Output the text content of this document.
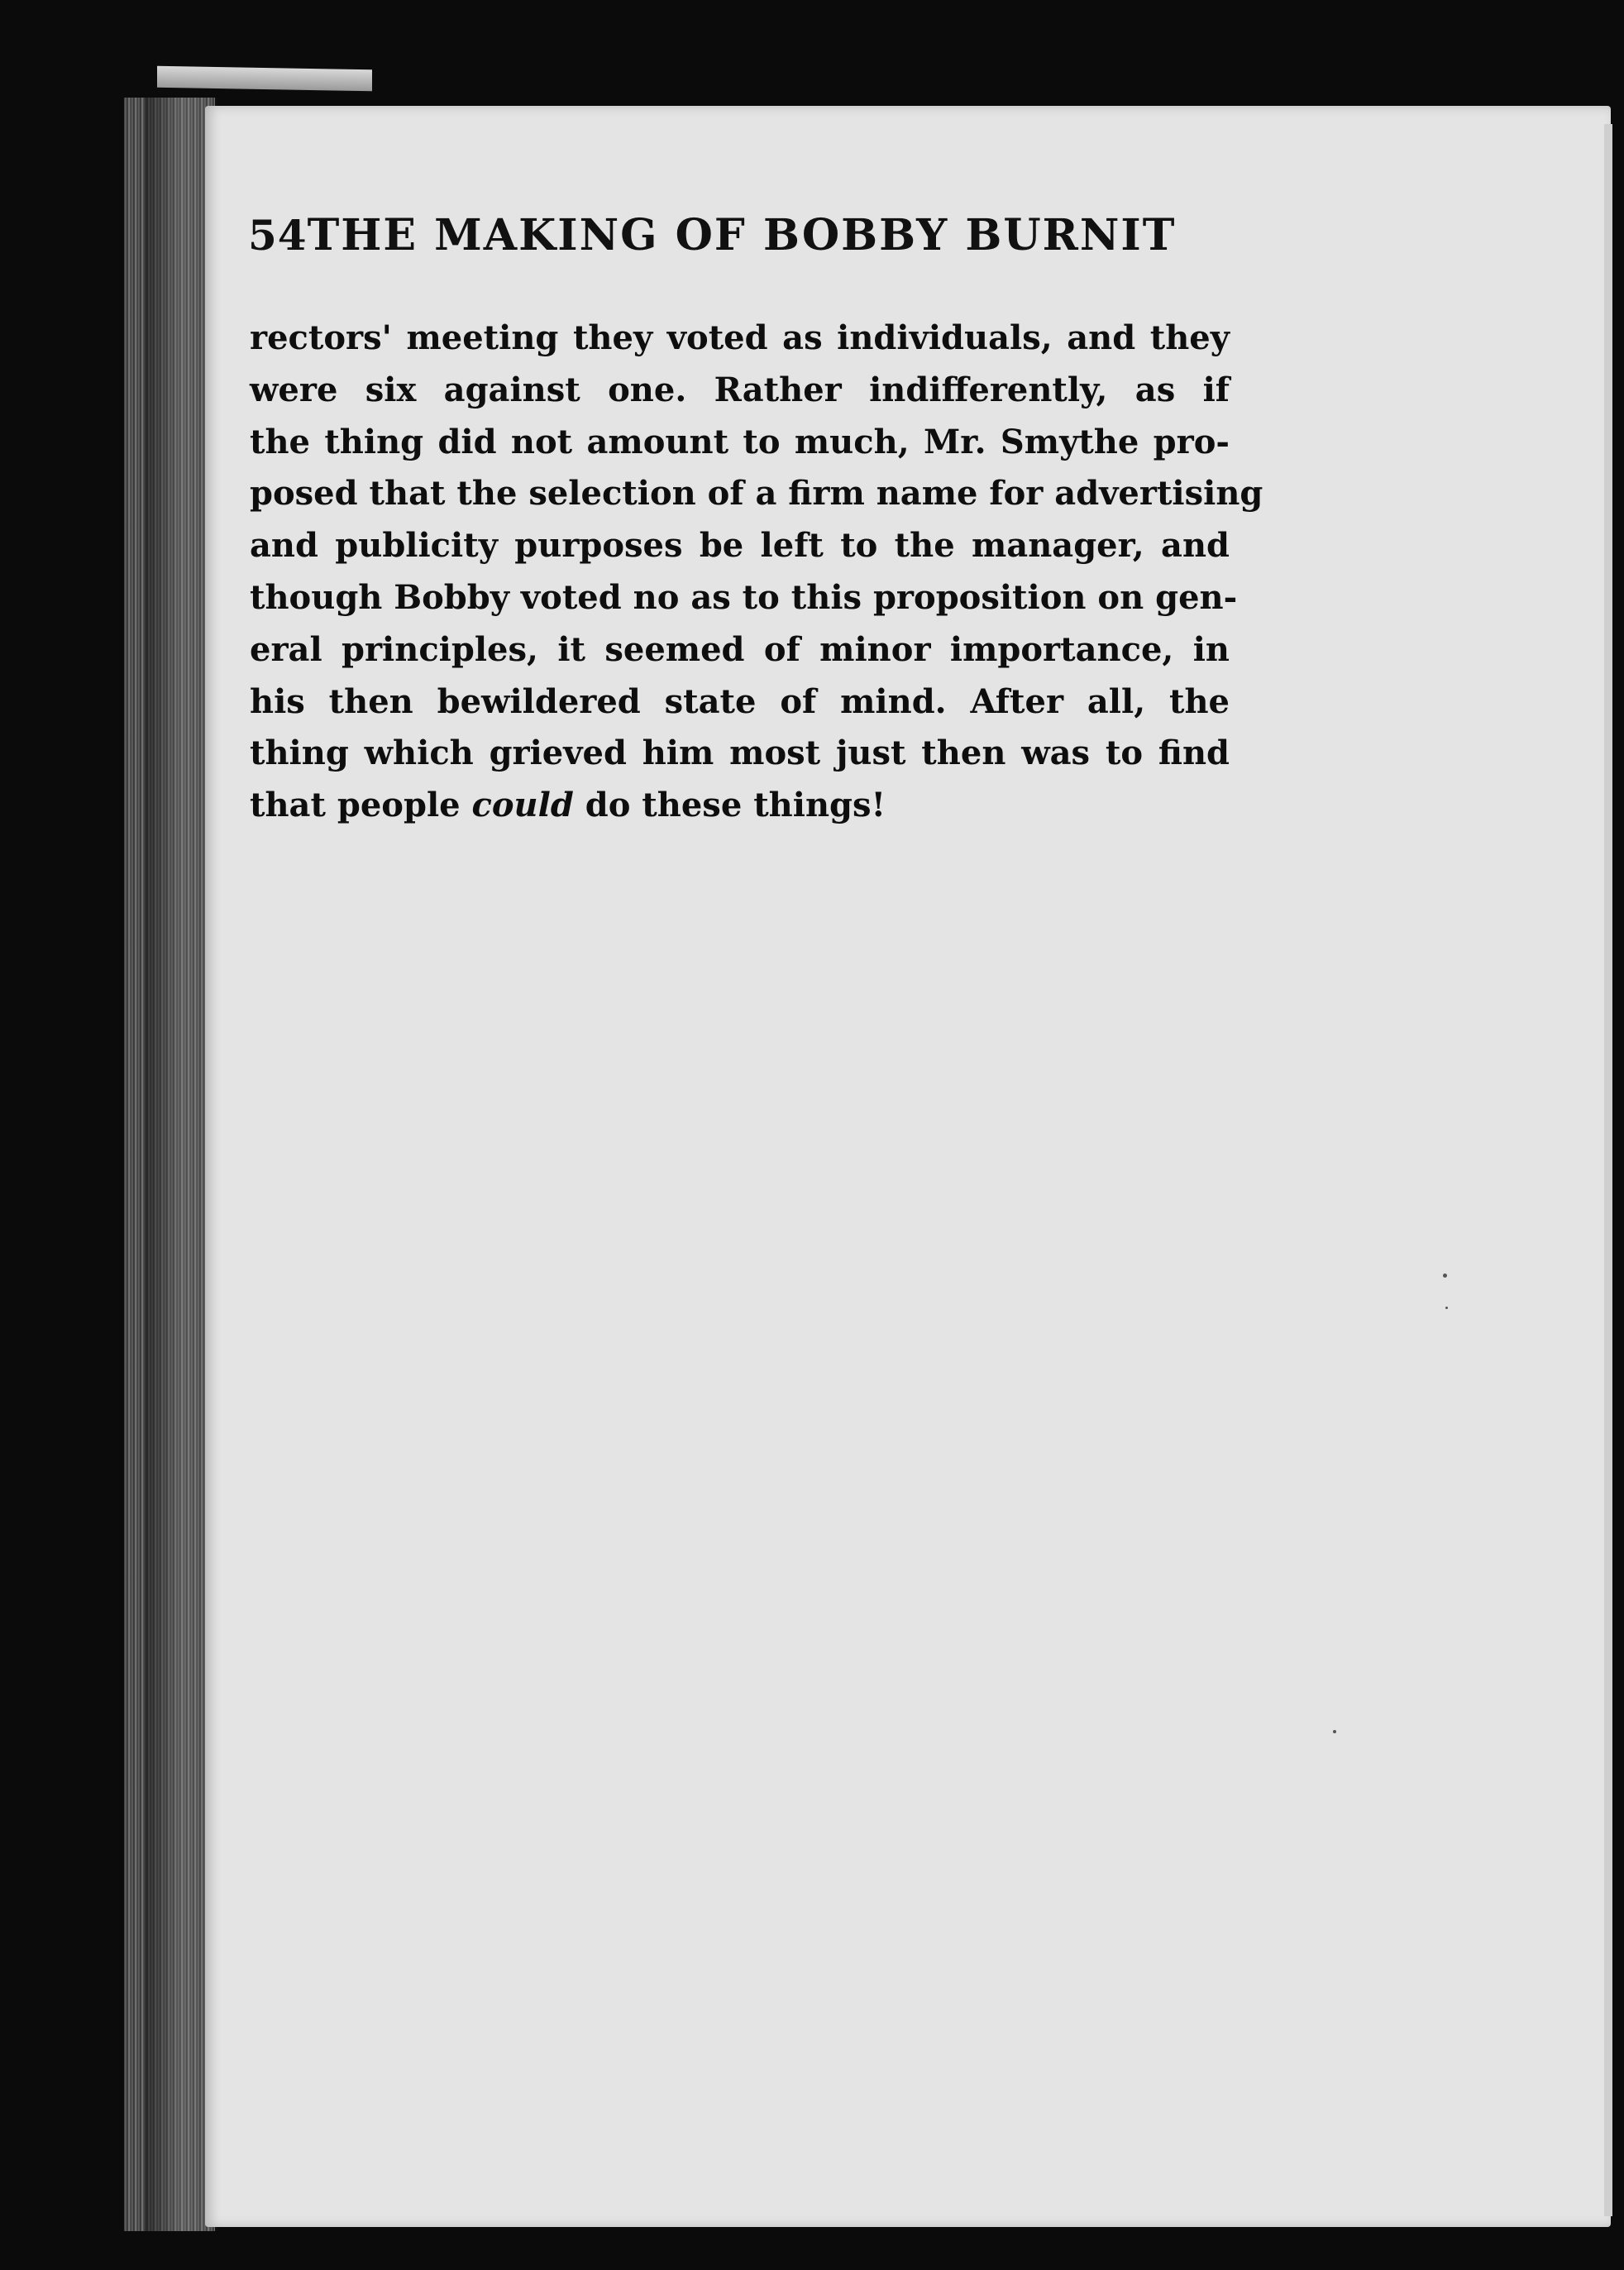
54 THE MAKING OF BOBBY BURNIT
rectors' meeting they voted as individuals, and they
were six against one. Rather indifferently, as if
the thing did not amount to much, Mr. Smythe pro-
posed that the selection of a firm name for advertising
and publicity purposes be left to the manager, and
though Bobby voted no as to this proposition on gen-
eral principles, it seemed of minor importance, in
his then bewildered state of mind. After all, the
thing which grieved him most just then was to find
that people could do these things!
